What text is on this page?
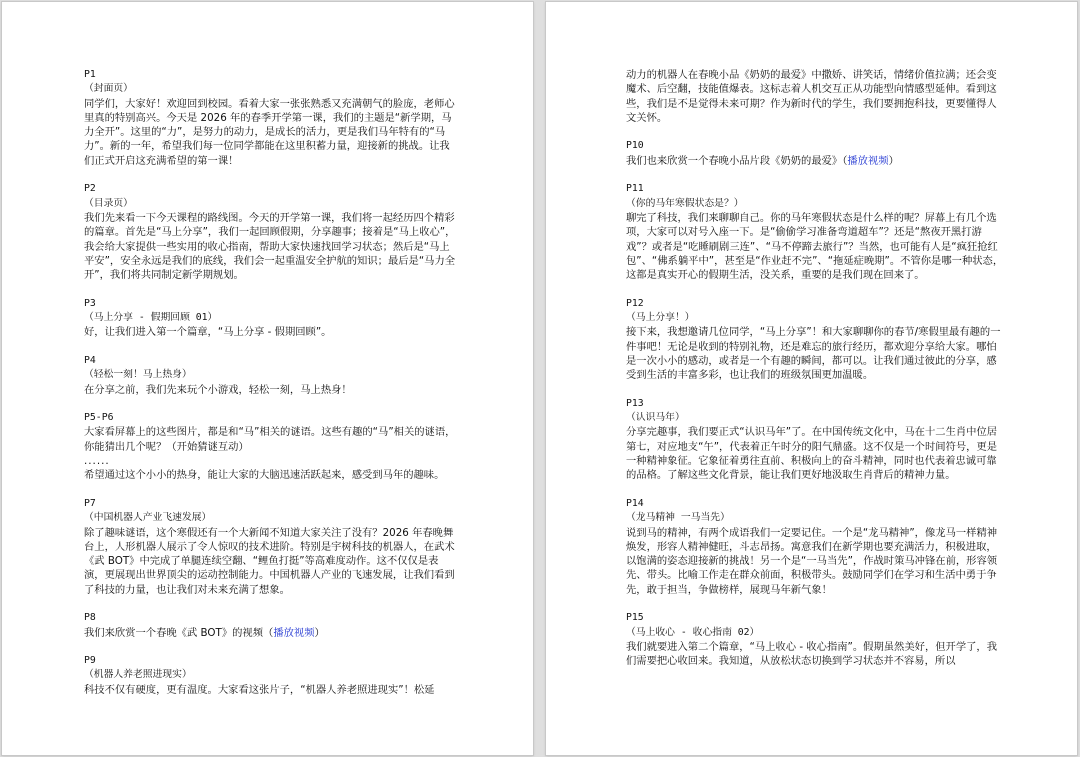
P1

（封面页）

同学们，大家好！欢迎回到校园。看着大家一张张熟悉又充满朝气的脸庞，老师心里真的特别高兴。今天是 2026 年的春季开学第一课，我们的主题是“新学期，马力全开”。这里的“力”，是努力的动力，是成长的活力，更是我们马年特有的“马力”。新的一年，希望我们每一位同学都能在这里积蓄力量，迎接新的挑战。让我们正式开启这充满希望的第一课！

P2

（目录页）

我们先来看一下今天课程的路线图。今天的开学第一课，我们将一起经历四个精彩的篇章。首先是“马上分享”，我们一起回顾假期，分享趣事；接着是“马上收心”，我会给大家提供一些实用的收心指南，帮助大家快速找回学习状态；然后是“马上平安”，安全永远是我们的底线，我们会一起重温安全护航的知识；最后是“马力全开”，我们将共同制定新学期规划。

P3

（马上分享 - 假期回顾 01）

好，让我们进入第一个篇章，“马上分享 - 假期回顾”。

P4

（轻松一刻！马上热身）

在分享之前，我们先来玩个小游戏，轻松一刻，马上热身！

P5-P6

大家看屏幕上的这些图片，都是和“马”相关的谜语。这些有趣的“马”相关的谜语，你能猜出几个呢？（开始猜谜互动）

......

希望通过这个小小的热身，能让大家的大脑迅速活跃起来，感受到马年的趣味。

P7

（中国机器人产业飞速发展）

除了趣味谜语，这个寒假还有一个大新闻不知道大家关注了没有？2026 年春晚舞台上，人形机器人展示了令人惊叹的技术进阶。特别是宇树科技的机器人，在武术《武 BOT》中完成了单腿连续空翻、“鲤鱼打挺”等高难度动作。这不仅仅是表演，更展现出世界顶尖的运动控制能力。中国机器人产业的飞速发展，让我们看到了科技的力量，也让我们对未来充满了想象。

P8

我们来欣赏一个春晚《武 BOT》的视频（播放视频）

P9

（机器人养老照进现实）

科技不仅有硬度，更有温度。大家看这张片子，“机器人养老照进现实”！松延

动力的机器人在春晚小品《奶奶的最爱》中撒娇、讲笑话，情绪价值拉满；还会变魔术、后空翻，技能值爆表。这标志着人机交互正从功能型向情感型延伸。看到这些，我们是不是觉得未来可期？作为新时代的学生，我们要拥抱科技，更要懂得人文关怀。

P10

我们也来欣赏一个春晚小品片段《奶奶的最爱》（播放视频）

P11

（你的马年寒假状态是？）

聊完了科技，我们来聊聊自己。你的马年寒假状态是什么样的呢？屏幕上有几个选项，大家可以对号入座一下。是“偷偷学习准备弯道超车”？还是“熬夜开黑打游戏”？或者是“吃睡刷剧三连”、“马不停蹄去旅行”？当然，也可能有人是“疯狂抢红包”、“佛系躺平中”，甚至是“作业赶不完”、“拖延症晚期”。不管你是哪一种状态，这都是真实开心的假期生活，没关系，重要的是我们现在回来了。

P12

（马上分享！）

接下来，我想邀请几位同学，“马上分享”！和大家聊聊你的春节/寒假里最有趣的一件事吧！无论是收到的特别礼物，还是难忘的旅行经历，都欢迎分享给大家。哪怕是一次小小的感动，或者是一个有趣的瞬间，都可以。让我们通过彼此的分享，感受到生活的丰富多彩，也让我们的班级氛围更加温暖。

P13

（认识马年）

分享完趣事，我们要正式“认识马年”了。在中国传统文化中，马在十二生肖中位居第七，对应地支“午”，代表着正午时分的阳气鼎盛。这不仅是一个时间符号，更是一种精神象征。它象征着勇往直前、积极向上的奋斗精神，同时也代表着忠诚可靠的品格。了解这些文化背景，能让我们更好地汲取生肖背后的精神力量。

P14

（龙马精神 一马当先）

说到马的精神，有两个成语我们一定要记住。一个是“龙马精神”，像龙马一样精神焕发，形容人精神健旺，斗志昂扬。寓意我们在新学期也要充满活力，积极进取，以饱满的姿态迎接新的挑战！另一个是“一马当先”，作战时策马冲锋在前，形容领先、带头。比喻工作走在群众前面，积极带头。鼓励同学们在学习和生活中勇于争先，敢于担当，争做榜样，展现马年新气象！

P15

（马上收心 - 收心指南 02）

我们就要进入第二个篇章，“马上收心 - 收心指南”。假期虽然美好，但开学了，我们需要把心收回来。我知道，从放松状态切换到学习状态并不容易，所以
